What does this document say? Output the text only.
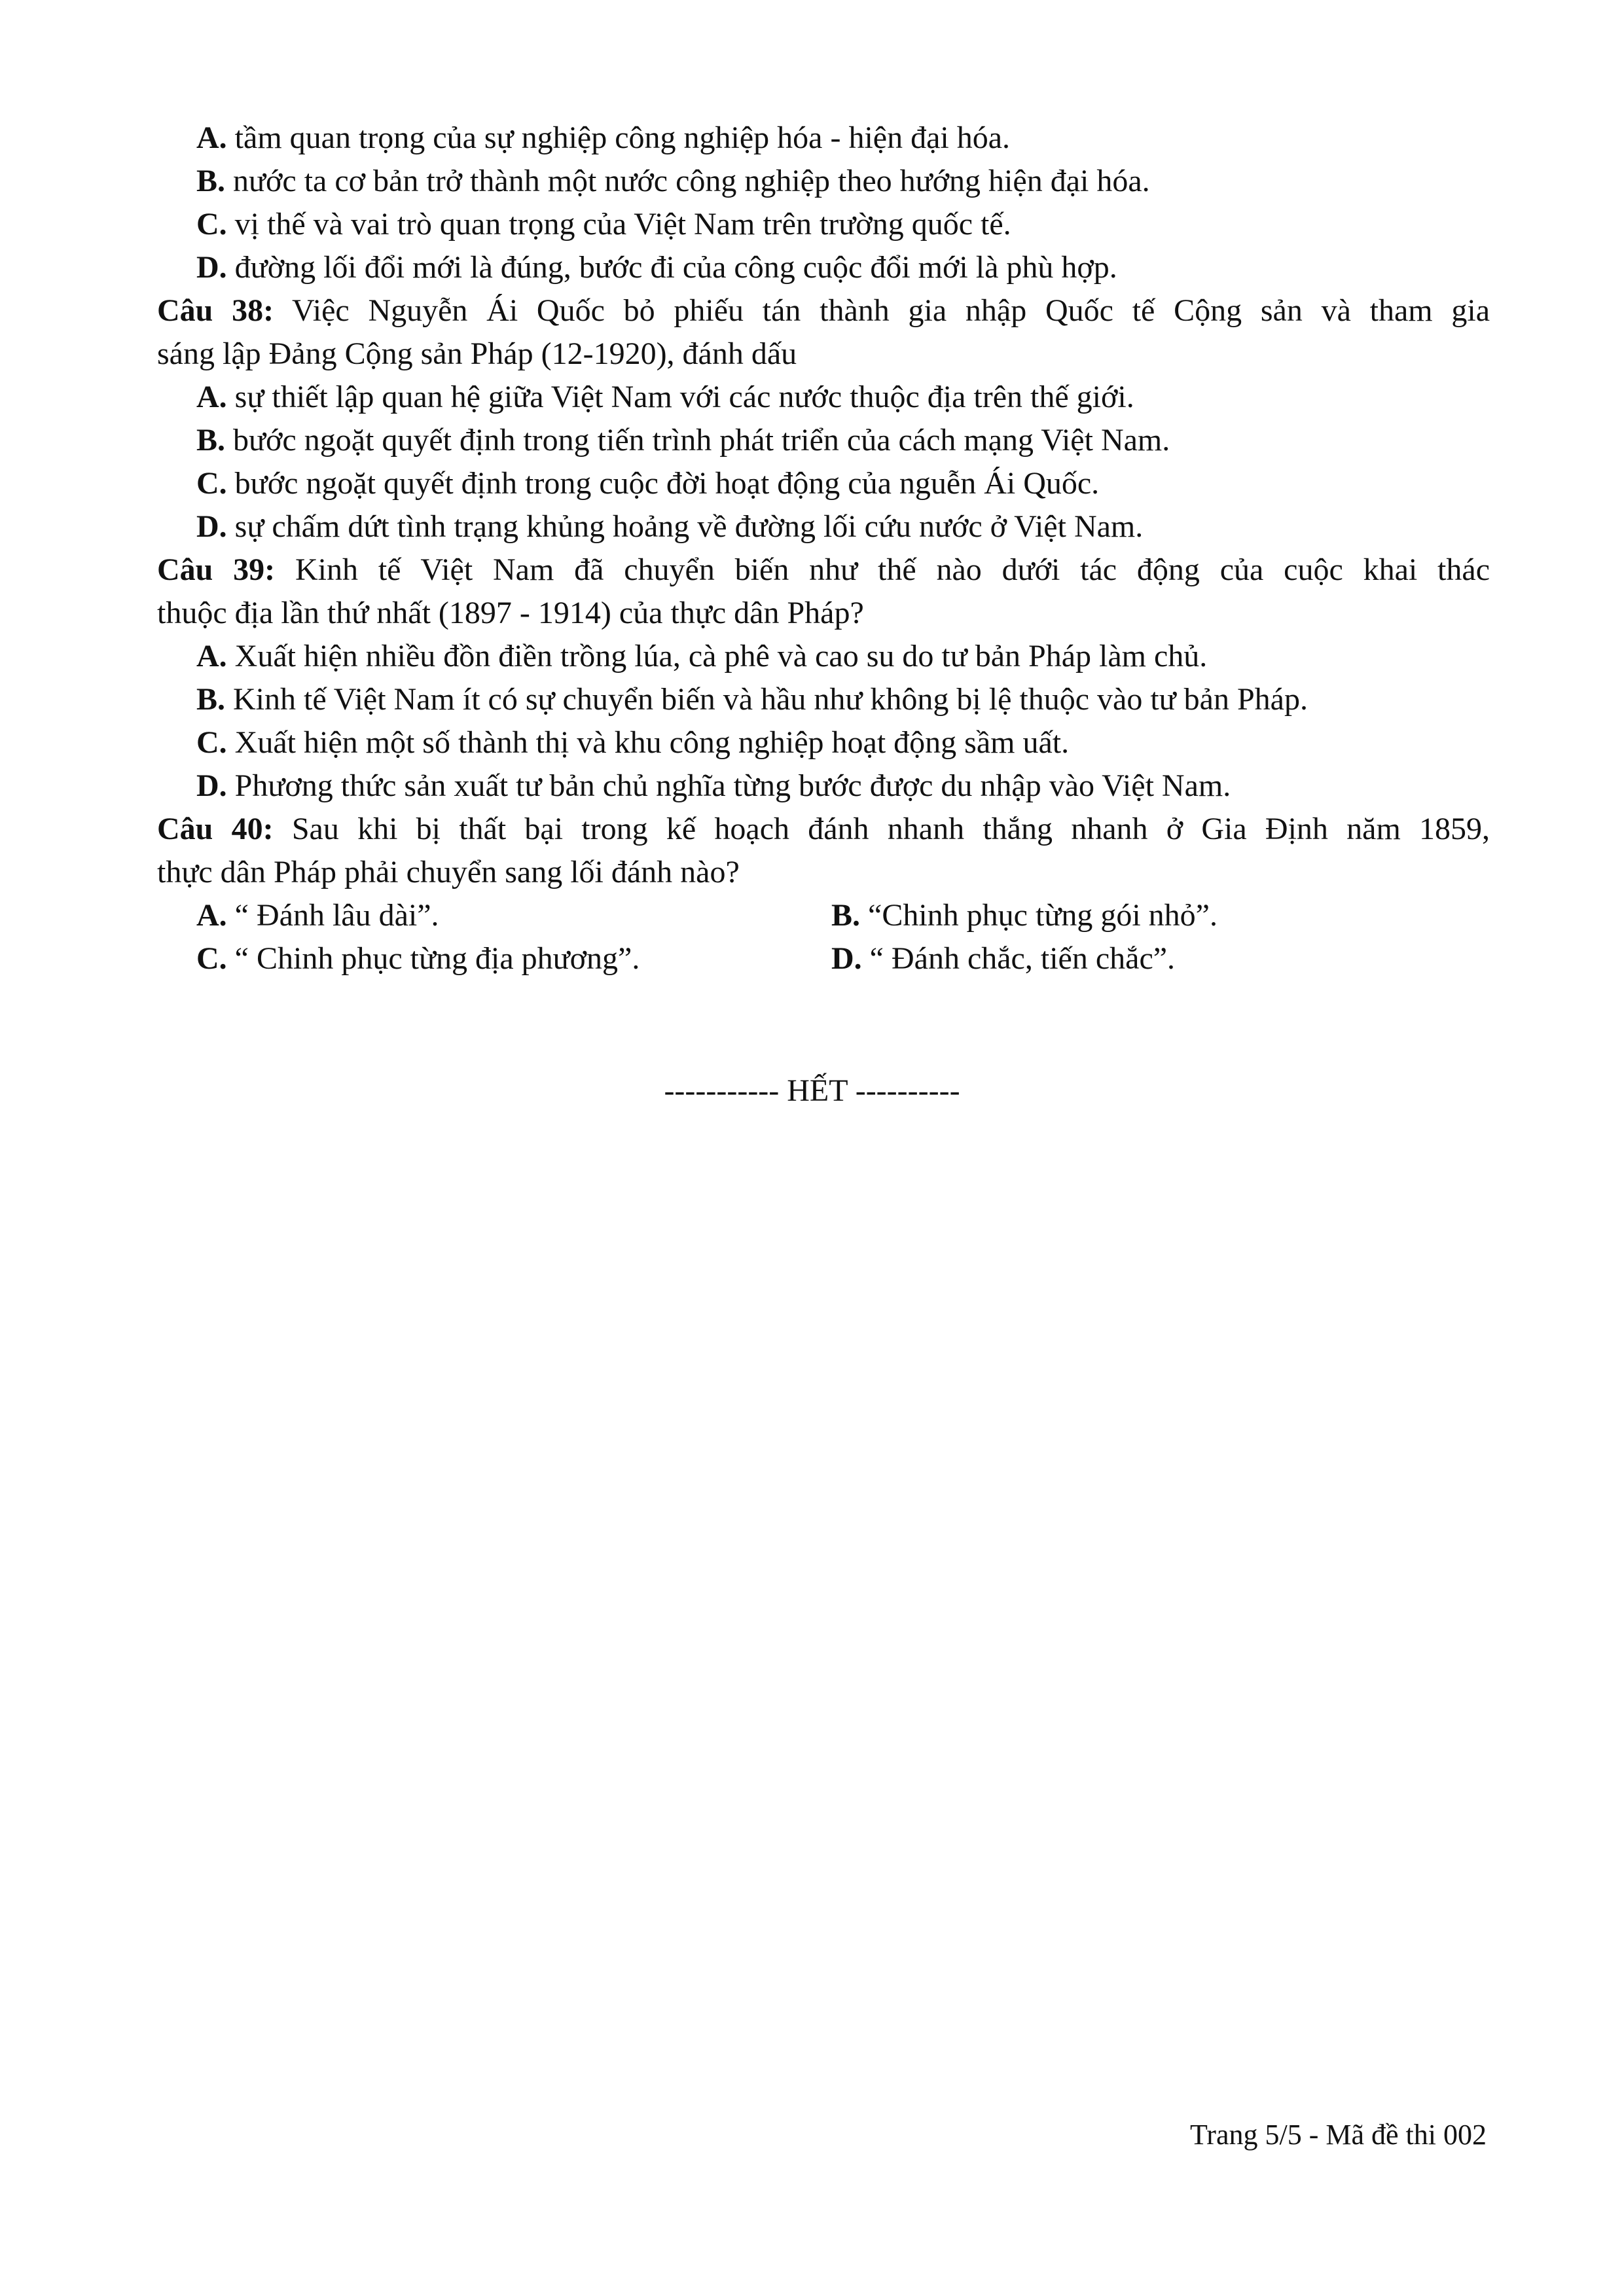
A. tầm quan trọng của sự nghiệp công nghiệp hóa - hiện đại hóa.
B. nước ta cơ bản trở thành một nước công nghiệp theo hướng hiện đại hóa.
C. vị thế và vai trò quan trọng của Việt Nam trên trường quốc tế.
D. đường lối đổi mới là đúng, bước đi của công cuộc đổi mới là phù hợp.
Câu 38: Việc Nguyễn Ái Quốc bỏ phiếu tán thành gia nhập Quốc tế Cộng sản và tham gia
sáng lập Đảng Cộng sản Pháp (12-1920), đánh dấu
A. sự thiết lập quan hệ giữa Việt Nam với các nước thuộc địa trên thế giới.
B. bước ngoặt quyết định trong tiến trình phát triển của cách mạng Việt Nam.
C. bước ngoặt quyết định trong cuộc đời hoạt động của nguễn Ái Quốc.
D. sự chấm dứt tình trạng khủng hoảng về đường lối cứu nước ở Việt Nam.
Câu 39: Kinh tế Việt Nam đã chuyển biến như thế nào dưới tác động của cuộc khai thác
thuộc địa lần thứ nhất (1897 - 1914) của thực dân Pháp?
A. Xuất hiện nhiều đồn điền trồng lúa, cà phê và cao su do tư bản Pháp làm chủ.
B. Kinh tế Việt Nam ít có sự chuyển biến và hầu như không bị lệ thuộc vào tư bản Pháp.
C. Xuất hiện một số thành thị và khu công nghiệp hoạt động sầm uất.
D. Phương thức sản xuất tư bản chủ nghĩa từng bước được du nhập vào Việt Nam.
Câu 40: Sau khi bị thất bại trong kế hoạch đánh nhanh thắng nhanh ở Gia Định năm 1859,
thực dân Pháp phải chuyển sang lối đánh nào?
A. “ Đánh lâu dài”.	B. “Chinh phục từng gói nhỏ”.
C. “ Chinh phục từng địa phương”.	D. “ Đánh chắc, tiến chắc”.
----------- HẾT ----------
Trang 5/5 - Mã đề thi 002
